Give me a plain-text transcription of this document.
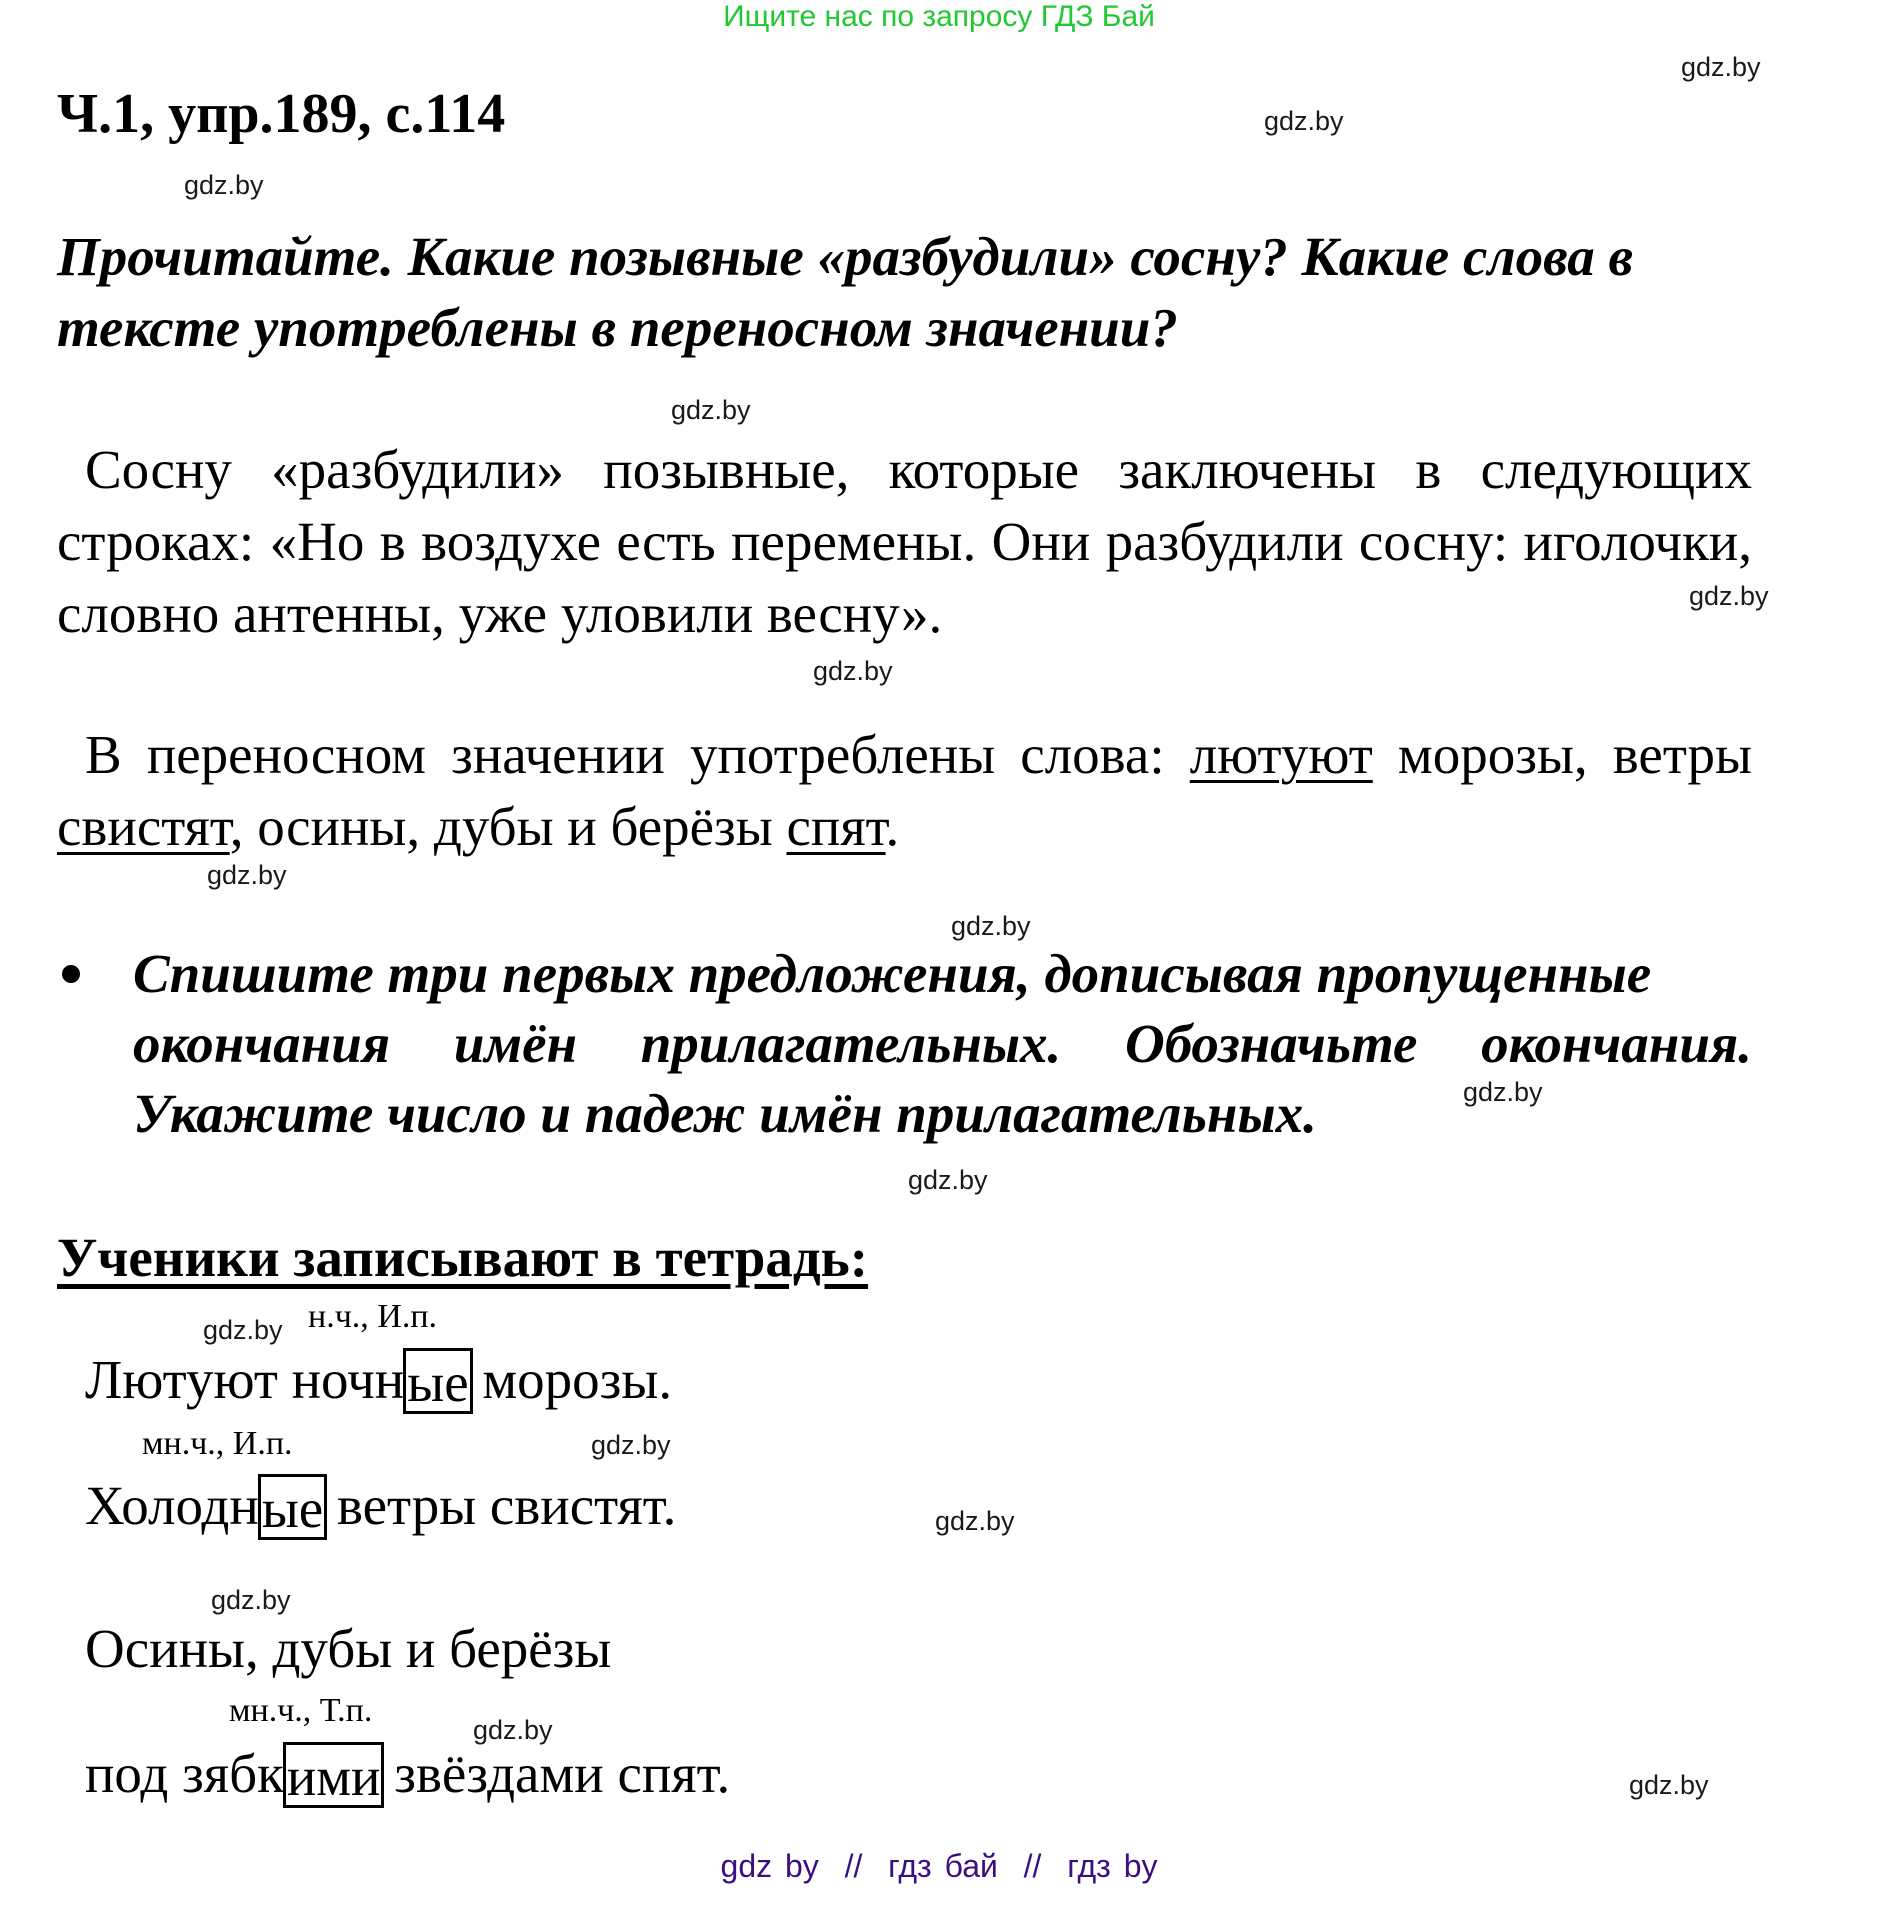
Ищите нас по запросу ГДЗ Бай
Ч.1, упр.189, с.114
gdz.by
gdz.by
gdz.by
gdz.by
gdz.by
gdz.by
gdz.by
gdz.by
gdz.by
gdz.by
gdz.by
gdz.by
gdz.by
gdz.by
gdz.by
gdz.by
Прочитайте. Какие позывные «разбудили» сосну? Какие слова в
тексте употреблены в переносном значении?
Сосну «разбудили» позывные, которые заключены в следующих строках: «Но в воздухе есть перемены. Они разбудили сосну: иголочки, словно антенны, уже уловили весну».
В переносном значении употреблены слова: лютуют морозы, ветры свистят, осины, дубы и берёзы спят.
Спишите три первых предложения, дописывая пропущенные
окончания имён прилагательных. Обозначьте окончания.
Укажите число и падеж имён прилагательных.
Ученики записывают в тетрадь:
н.ч., И.п.
Лютуют ночные морозы.
мн.ч., И.п.
Холодные ветры свистят.
Осины, дубы и берёзы
мн.ч., Т.п.
под зябкими звёздами спят.
gdz by  //  гдз бай  //  гдз by
